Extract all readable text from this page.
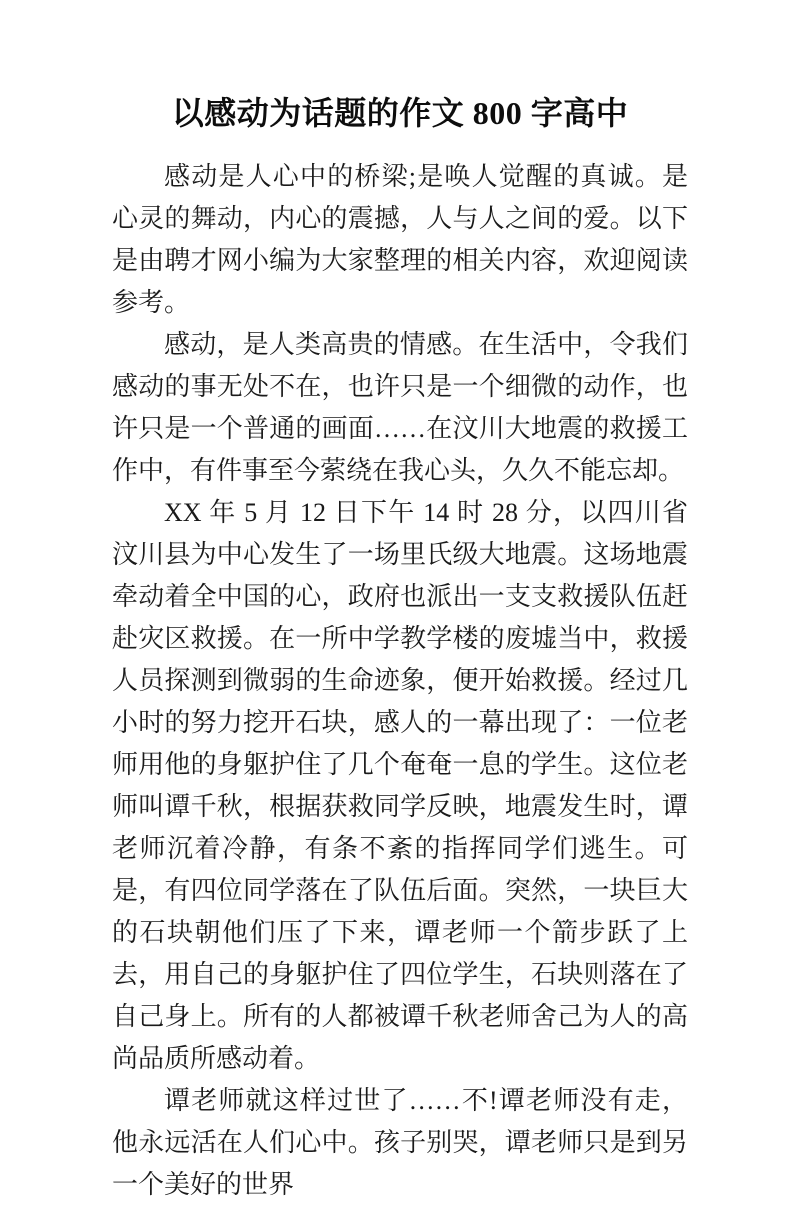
以感动为话题的作文 800 字高中

感动是人心中的桥梁;是唤人觉醒的真诚。是心灵的舞动，内心的震撼，人与人之间的爱。以下是由聘才网小编为大家整理的相关内容，欢迎阅读参考。

感动，是人类高贵的情感。在生活中，令我们感动的事无处不在，也许只是一个细微的动作，也许只是一个普通的画面……在汶川大地震的救援工作中，有件事至今萦绕在我心头，久久不能忘却。

XX 年 5 月 12 日下午 14 时 28 分，以四川省汶川县为中心发生了一场里氏级大地震。这场地震牵动着全中国的心，政府也派出一支支救援队伍赶赴灾区救援。在一所中学教学楼的废墟当中，救援人员探测到微弱的生命迹象，便开始救援。经过几小时的努力挖开石块，感人的一幕出现了：一位老师用他的身躯护住了几个奄奄一息的学生。这位老师叫谭千秋，根据获救同学反映，地震发生时，谭老师沉着冷静，有条不紊的指挥同学们逃生。可是，有四位同学落在了队伍后面。突然，一块巨大的石块朝他们压了下来，谭老师一个箭步跃了上去，用自己的身躯护住了四位学生，石块则落在了自己身上。所有的人都被谭千秋老师舍己为人的高尚品质所感动着。

谭老师就这样过世了……不!谭老师没有走，他永远活在人们心中。孩子别哭，谭老师只是到另一个美好的世界
